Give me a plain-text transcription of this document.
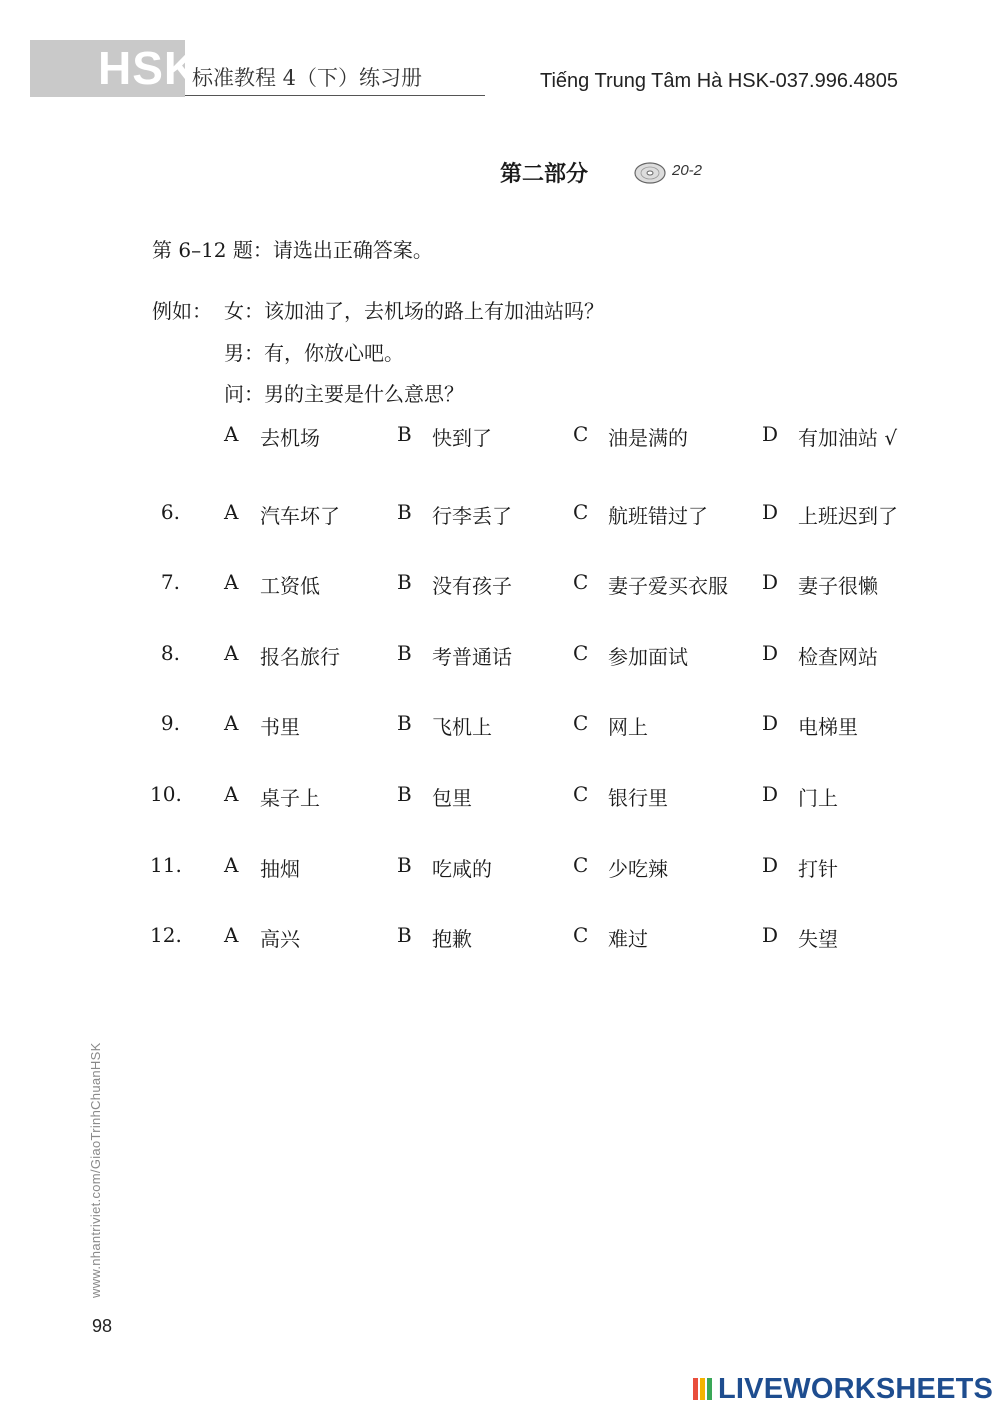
HSK
标准教程 4（下）练习册	Tiếng Trung Tâm Hà HSK-037.996.4805
第二部分	20-2
第 6–12 题：请选出正确答案。
例如： 女：该加油了，去机场的路上有加油站吗？
男：有，你放心吧。
问：男的主要是什么意思？
A 去机场	B 快到了	C 油是满的	D 有加油站 √
6. A 汽车坏了	B 行李丢了	C 航班错过了	D 上班迟到了
7. A 工资低	B 没有孩子	C 妻子爱买衣服 D 妻子很懒
8. A 报名旅行	B 考普通话	C 参加面试	D 检查网站
9. A 书里	B 飞机上	C 网上	D 电梯里
10. A 桌子上	B 包里	C 银行里	D 门上
11. A 抽烟	B 吃咸的	C 少吃辣	D 打针
12. A 高兴	B 抱歉	C 难过	D 失望
www.nhantriviet.com/GiaoTrinhChuanHSK
98
LIVEWORKSHEETS
